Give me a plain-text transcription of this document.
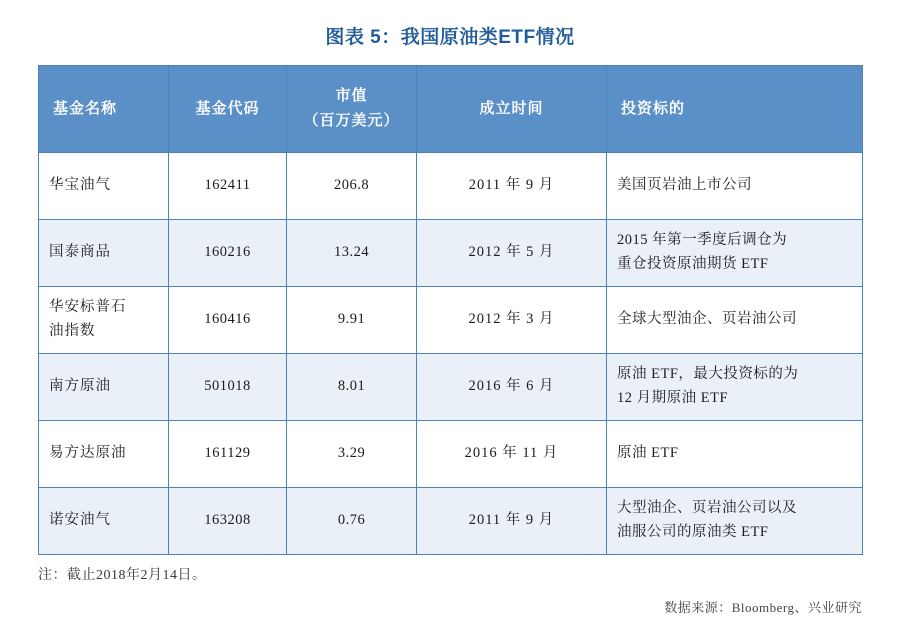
图表 5：我国原油类ETF情况
基金名称	基金代码	市值
（百万美元）	成立时间	投资标的

华宝油气	162411	206.8	2011 年 9 月	美国页岩油上市公司

国泰商品	160216	13.24	2012 年 5 月	2015 年第一季度后调仓为
重仓投资原油期货 ETF

华安标普石
油指数	160416	9.91	2012 年 3 月	全球大型油企、页岩油公司

南方原油	501018	8.01	2016 年 6 月	原油 ETF，最大投资标的为
12 月期原油 ETF

易方达原油	161129	3.29	2016 年 11 月	原油 ETF

诺安油气	163208	0.76	2011 年 9 月	大型油企、页岩油公司以及
油服公司的原油类 ETF
注：截止2018年2月14日。
数据来源：Bloomberg、兴业研究
